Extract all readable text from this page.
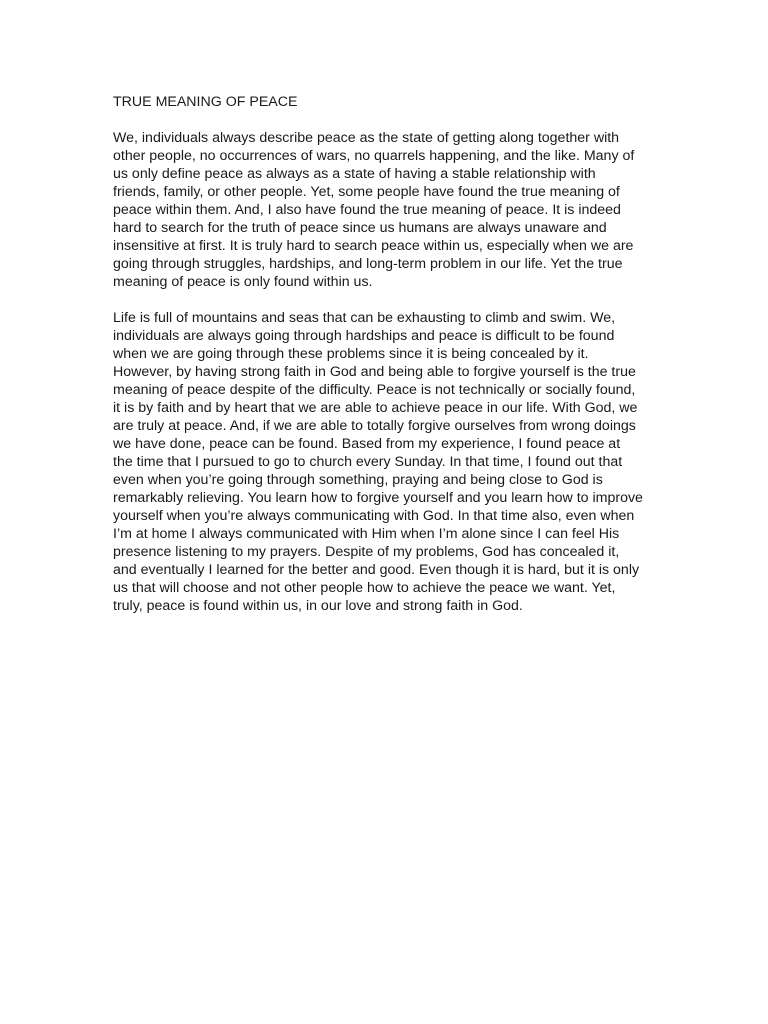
TRUE MEANING OF PEACE

We, individuals always describe peace as the state of getting along together with other people, no occurrences of wars, no quarrels happening, and the like. Many of us only define peace as always as a state of having a stable relationship with friends, family, or other people. Yet, some people have found the true meaning of peace within them. And, I also have found the true meaning of peace. It is indeed hard to search for the truth of peace since us humans are always unaware and insensitive at first. It is truly hard to search peace within us, especially when we are going through struggles, hardships, and long-term problem in our life. Yet the true meaning of peace is only found within us.

Life is full of mountains and seas that can be exhausting to climb and swim. We, individuals are always going through hardships and peace is difficult to be found when we are going through these problems since it is being concealed by it. However, by having strong faith in God and being able to forgive yourself is the true meaning of peace despite of the difficulty. Peace is not technically or socially found, it is by faith and by heart that we are able to achieve peace in our life. With God, we are truly at peace. And, if we are able to totally forgive ourselves from wrong doings we have done, peace can be found. Based from my experience, I found peace at the time that I pursued to go to church every Sunday. In that time, I found out that even when you’re going through something, praying and being close to God is remarkably relieving. You learn how to forgive yourself and you learn how to improve yourself when you’re always communicating with God. In that time also, even when I’m at home I always communicated with Him when I’m alone since I can feel His presence listening to my prayers. Despite of my problems, God has concealed it, and eventually I learned for the better and good. Even though it is hard, but it is only us that will choose and not other people how to achieve the peace we want. Yet, truly, peace is found within us, in our love and strong faith in God.
